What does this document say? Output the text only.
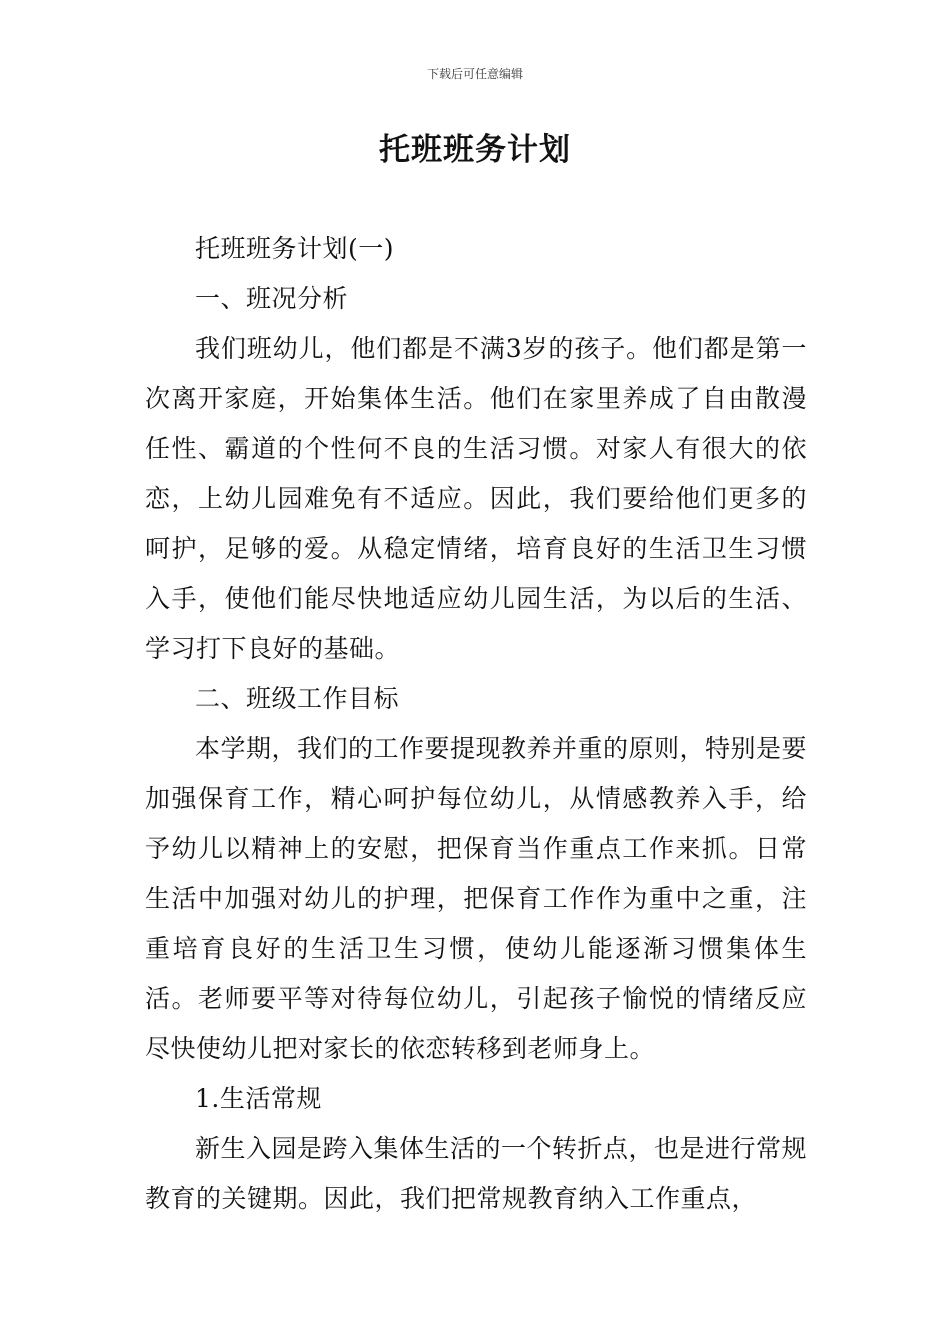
下载后可任意编辑
托班班务计划

托班班务计划(一)

一、班况分析

我们班幼儿，他们都是不满3岁的孩子。他们都是第一次离开家庭，开始集体生活。他们在家里养成了自由散漫任性、霸道的个性何不良的生活习惯。对家人有很大的依恋，上幼儿园难免有不适应。因此，我们要给他们更多的呵护，足够的爱。从稳定情绪，培育良好的生活卫生习惯入手，使他们能尽快地适应幼儿园生活，为以后的生活、学习打下良好的基础。

二、班级工作目标

本学期，我们的工作要提现教养并重的原则，特别是要加强保育工作，精心呵护每位幼儿，从情感教养入手，给予幼儿以精神上的安慰，把保育当作重点工作来抓。日常生活中加强对幼儿的护理，把保育工作作为重中之重，注重培育良好的生活卫生习惯，使幼儿能逐渐习惯集体生活。老师要平等对待每位幼儿，引起孩子愉悦的情绪反应尽快使幼儿把对家长的依恋转移到老师身上。

1.生活常规

新生入园是跨入集体生活的一个转折点，也是进行常规教育的关键期。因此，我们把常规教育纳入工作重点，
